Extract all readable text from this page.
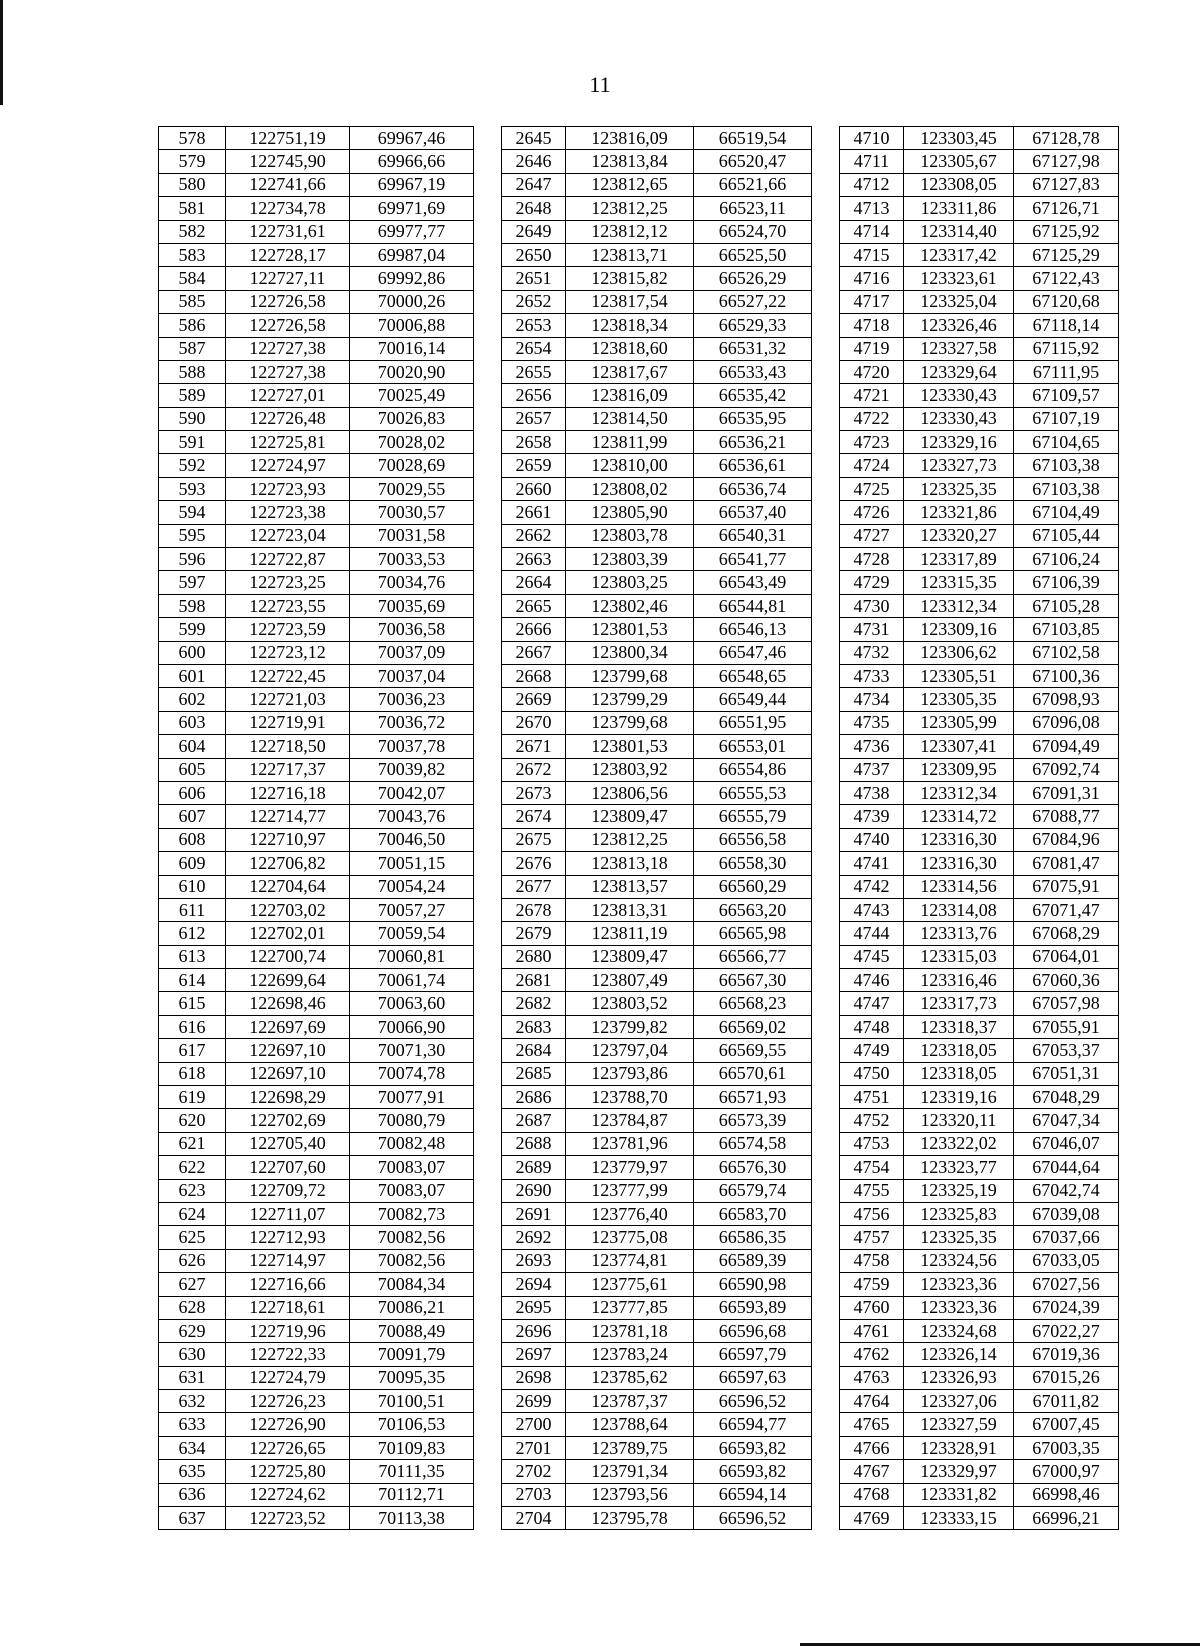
11
578	122751,19	69967,46		2645	123816,09	66519,54		4710	123303,45	67128,78
579	122745,90	69966,66		2646	123813,84	66520,47		4711	123305,67	67127,98
580	122741,66	69967,19		2647	123812,65	66521,66		4712	123308,05	67127,83
581	122734,78	69971,69		2648	123812,25	66523,11		4713	123311,86	67126,71
582	122731,61	69977,77		2649	123812,12	66524,70		4714	123314,40	67125,92
583	122728,17	69987,04		2650	123813,71	66525,50		4715	123317,42	67125,29
584	122727,11	69992,86		2651	123815,82	66526,29		4716	123323,61	67122,43
585	122726,58	70000,26		2652	123817,54	66527,22		4717	123325,04	67120,68
586	122726,58	70006,88		2653	123818,34	66529,33		4718	123326,46	67118,14
587	122727,38	70016,14		2654	123818,60	66531,32		4719	123327,58	67115,92
588	122727,38	70020,90		2655	123817,67	66533,43		4720	123329,64	67111,95
589	122727,01	70025,49		2656	123816,09	66535,42		4721	123330,43	67109,57
590	122726,48	70026,83		2657	123814,50	66535,95		4722	123330,43	67107,19
591	122725,81	70028,02		2658	123811,99	66536,21		4723	123329,16	67104,65
592	122724,97	70028,69		2659	123810,00	66536,61		4724	123327,73	67103,38
593	122723,93	70029,55		2660	123808,02	66536,74		4725	123325,35	67103,38
594	122723,38	70030,57		2661	123805,90	66537,40		4726	123321,86	67104,49
595	122723,04	70031,58		2662	123803,78	66540,31		4727	123320,27	67105,44
596	122722,87	70033,53		2663	123803,39	66541,77		4728	123317,89	67106,24
597	122723,25	70034,76		2664	123803,25	66543,49		4729	123315,35	67106,39
598	122723,55	70035,69		2665	123802,46	66544,81		4730	123312,34	67105,28
599	122723,59	70036,58		2666	123801,53	66546,13		4731	123309,16	67103,85
600	122723,12	70037,09		2667	123800,34	66547,46		4732	123306,62	67102,58
601	122722,45	70037,04		2668	123799,68	66548,65		4733	123305,51	67100,36
602	122721,03	70036,23		2669	123799,29	66549,44		4734	123305,35	67098,93
603	122719,91	70036,72		2670	123799,68	66551,95		4735	123305,99	67096,08
604	122718,50	70037,78		2671	123801,53	66553,01		4736	123307,41	67094,49
605	122717,37	70039,82		2672	123803,92	66554,86		4737	123309,95	67092,74
606	122716,18	70042,07		2673	123806,56	66555,53		4738	123312,34	67091,31
607	122714,77	70043,76		2674	123809,47	66555,79		4739	123314,72	67088,77
608	122710,97	70046,50		2675	123812,25	66556,58		4740	123316,30	67084,96
609	122706,82	70051,15		2676	123813,18	66558,30		4741	123316,30	67081,47
610	122704,64	70054,24		2677	123813,57	66560,29		4742	123314,56	67075,91
611	122703,02	70057,27		2678	123813,31	66563,20		4743	123314,08	67071,47
612	122702,01	70059,54		2679	123811,19	66565,98		4744	123313,76	67068,29
613	122700,74	70060,81		2680	123809,47	66566,77		4745	123315,03	67064,01
614	122699,64	70061,74		2681	123807,49	66567,30		4746	123316,46	67060,36
615	122698,46	70063,60		2682	123803,52	66568,23		4747	123317,73	67057,98
616	122697,69	70066,90		2683	123799,82	66569,02		4748	123318,37	67055,91
617	122697,10	70071,30		2684	123797,04	66569,55		4749	123318,05	67053,37
618	122697,10	70074,78		2685	123793,86	66570,61		4750	123318,05	67051,31
619	122698,29	70077,91		2686	123788,70	66571,93		4751	123319,16	67048,29
620	122702,69	70080,79		2687	123784,87	66573,39		4752	123320,11	67047,34
621	122705,40	70082,48		2688	123781,96	66574,58		4753	123322,02	67046,07
622	122707,60	70083,07		2689	123779,97	66576,30		4754	123323,77	67044,64
623	122709,72	70083,07		2690	123777,99	66579,74		4755	123325,19	67042,74
624	122711,07	70082,73		2691	123776,40	66583,70		4756	123325,83	67039,08
625	122712,93	70082,56		2692	123775,08	66586,35		4757	123325,35	67037,66
626	122714,97	70082,56		2693	123774,81	66589,39		4758	123324,56	67033,05
627	122716,66	70084,34		2694	123775,61	66590,98		4759	123323,36	67027,56
628	122718,61	70086,21		2695	123777,85	66593,89		4760	123323,36	67024,39
629	122719,96	70088,49		2696	123781,18	66596,68		4761	123324,68	67022,27
630	122722,33	70091,79		2697	123783,24	66597,79		4762	123326,14	67019,36
631	122724,79	70095,35		2698	123785,62	66597,63		4763	123326,93	67015,26
632	122726,23	70100,51		2699	123787,37	66596,52		4764	123327,06	67011,82
633	122726,90	70106,53		2700	123788,64	66594,77		4765	123327,59	67007,45
634	122726,65	70109,83		2701	123789,75	66593,82		4766	123328,91	67003,35
635	122725,80	70111,35		2702	123791,34	66593,82		4767	123329,97	67000,97
636	122724,62	70112,71		2703	123793,56	66594,14		4768	123331,82	66998,46
637	122723,52	70113,38		2704	123795,78	66596,52		4769	123333,15	66996,21
